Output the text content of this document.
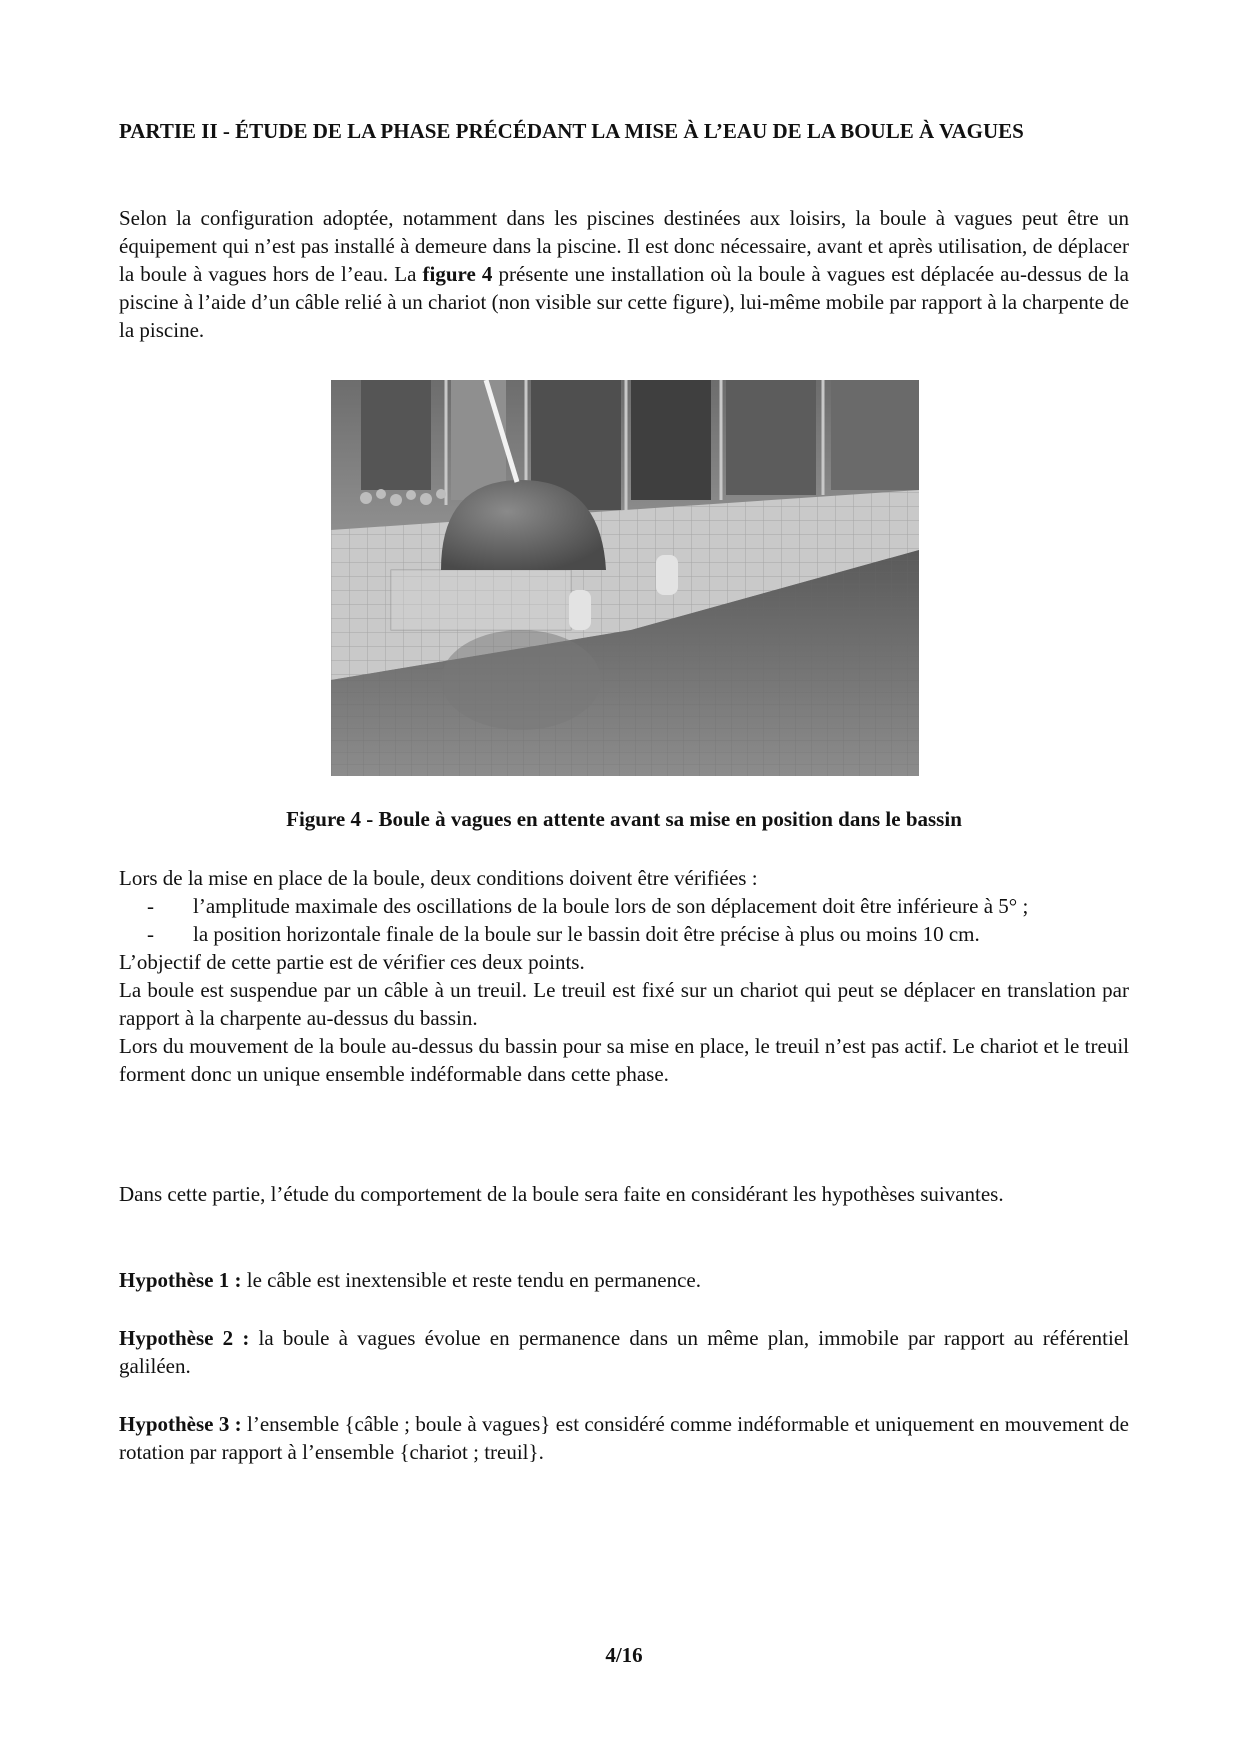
PARTIE II - ÉTUDE DE LA PHASE PRÉCÉDANT LA MISE À L’EAU DE LA BOULE À VAGUES

Selon la configuration adoptée, notamment dans les piscines destinées aux loisirs, la boule à vagues peut être un équipement qui n’est pas installé à demeure dans la piscine. Il est donc nécessaire, avant et après utilisation, de déplacer la boule à vagues hors de l’eau. La figure 4 présente une installation où la boule à vagues est déplacée au-dessus de la piscine à l’aide d’un câble relié à un chariot (non visible sur cette figure), lui-même mobile par rapport à la charpente de la piscine.

Figure 4 - Boule à vagues en attente avant sa mise en position dans le bassin

Lors de la mise en place de la boule, deux conditions doivent être vérifiées :
-	l’amplitude maximale des oscillations de la boule lors de son déplacement doit être inférieure à 5° ;
-	la position horizontale finale de la boule sur le bassin doit être précise à plus ou moins 10 cm.
L’objectif de cette partie est de vérifier ces deux points.
La boule est suspendue par un câble à un treuil. Le treuil est fixé sur un chariot qui peut se déplacer en translation par rapport à la charpente au-dessus du bassin.
Lors du mouvement de la boule au-dessus du bassin pour sa mise en place, le treuil n’est pas actif. Le chariot et le treuil forment donc un unique ensemble indéformable dans cette phase.

Dans cette partie, l’étude du comportement de la boule sera faite en considérant les hypothèses suivantes.

Hypothèse 1 : le câble est inextensible et reste tendu en permanence.

Hypothèse 2 : la boule à vagues évolue en permanence dans un même plan, immobile par rapport au référentiel galiléen.

Hypothèse 3 : l’ensemble {câble ; boule à vagues} est considéré comme indéformable et uniquement en mouvement de rotation par rapport à l’ensemble {chariot ; treuil}.

4/16
